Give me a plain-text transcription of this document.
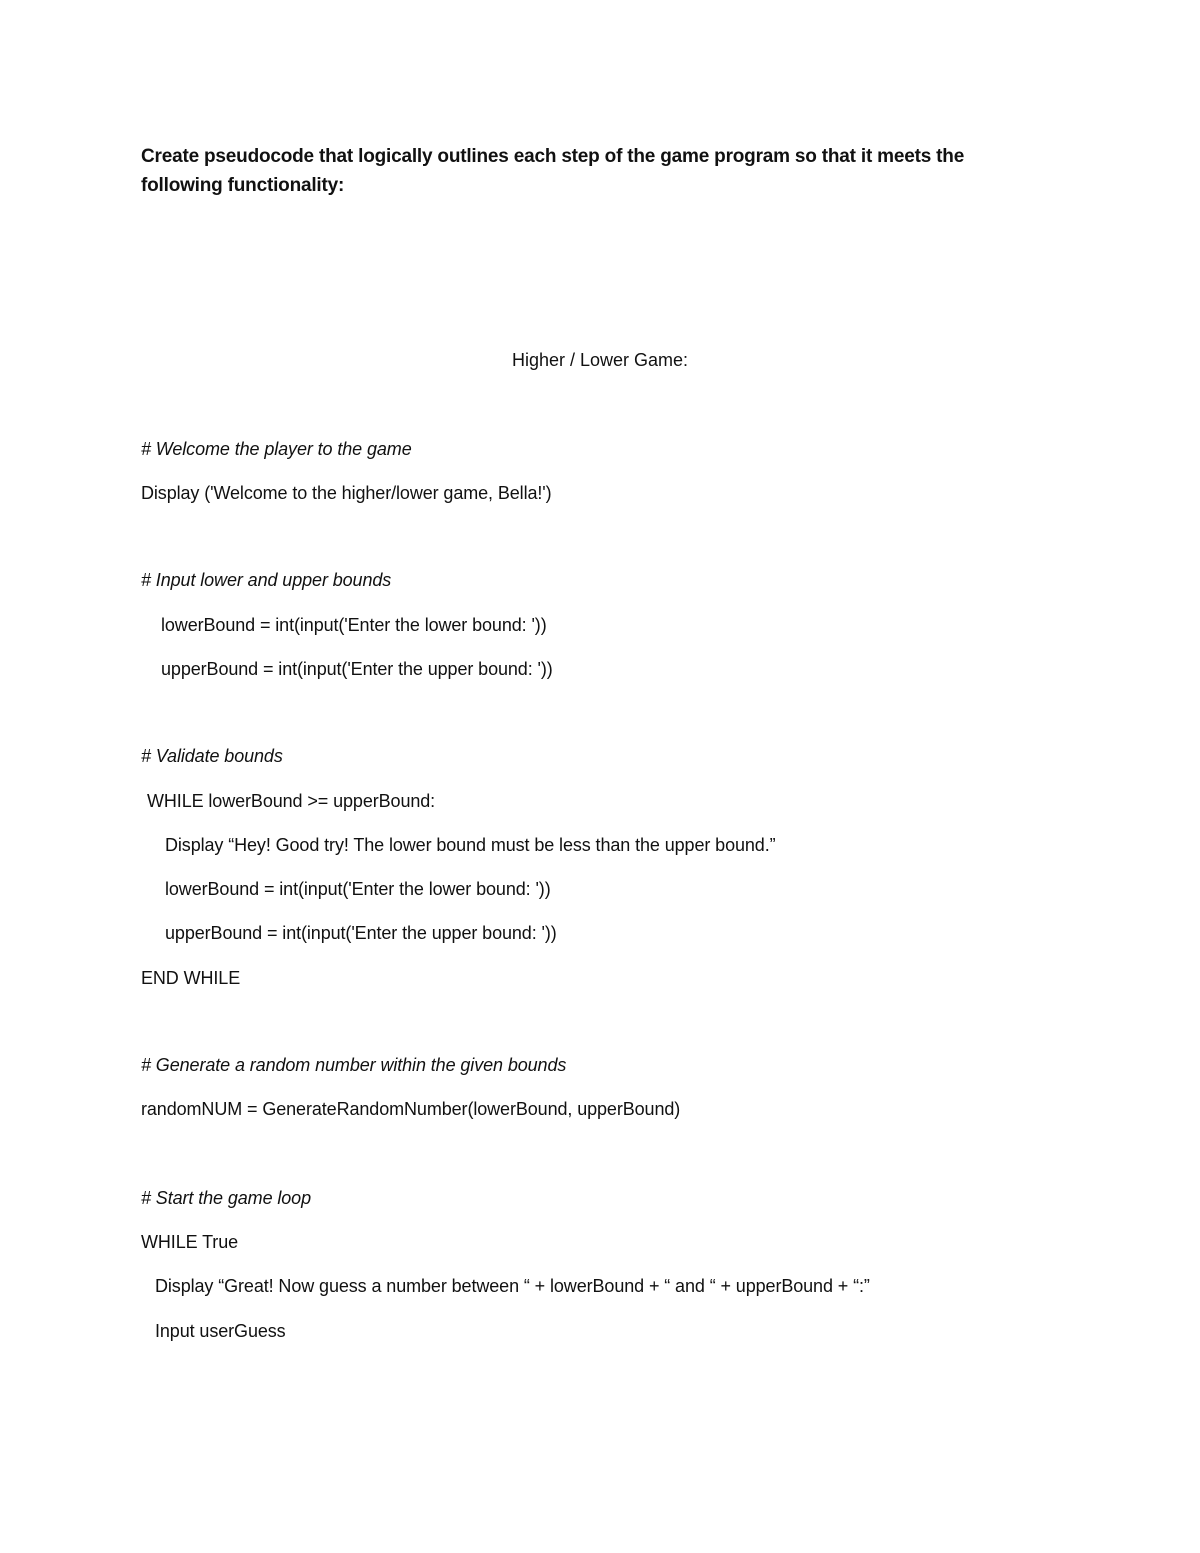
Create pseudocode that logically outlines each step of the game program so that it meets the following functionality:
Higher / Lower Game:
# Welcome the player to the game
Display ('Welcome to the higher/lower game, Bella!')
# Input lower and upper bounds
lowerBound = int(input('Enter the lower bound: '))
upperBound = int(input('Enter the upper bound: '))
# Validate bounds
WHILE lowerBound >= upperBound:
Display “Hey! Good try! The lower bound must be less than the upper bound.”
lowerBound = int(input('Enter the lower bound: '))
upperBound = int(input('Enter the upper bound: '))
END WHILE
# Generate a random number within the given bounds
randomNUM = GenerateRandomNumber(lowerBound, upperBound)
# Start the game loop
WHILE True
Display “Great! Now guess a number between “ + lowerBound + “ and “ + upperBound + “:”
Input userGuess
